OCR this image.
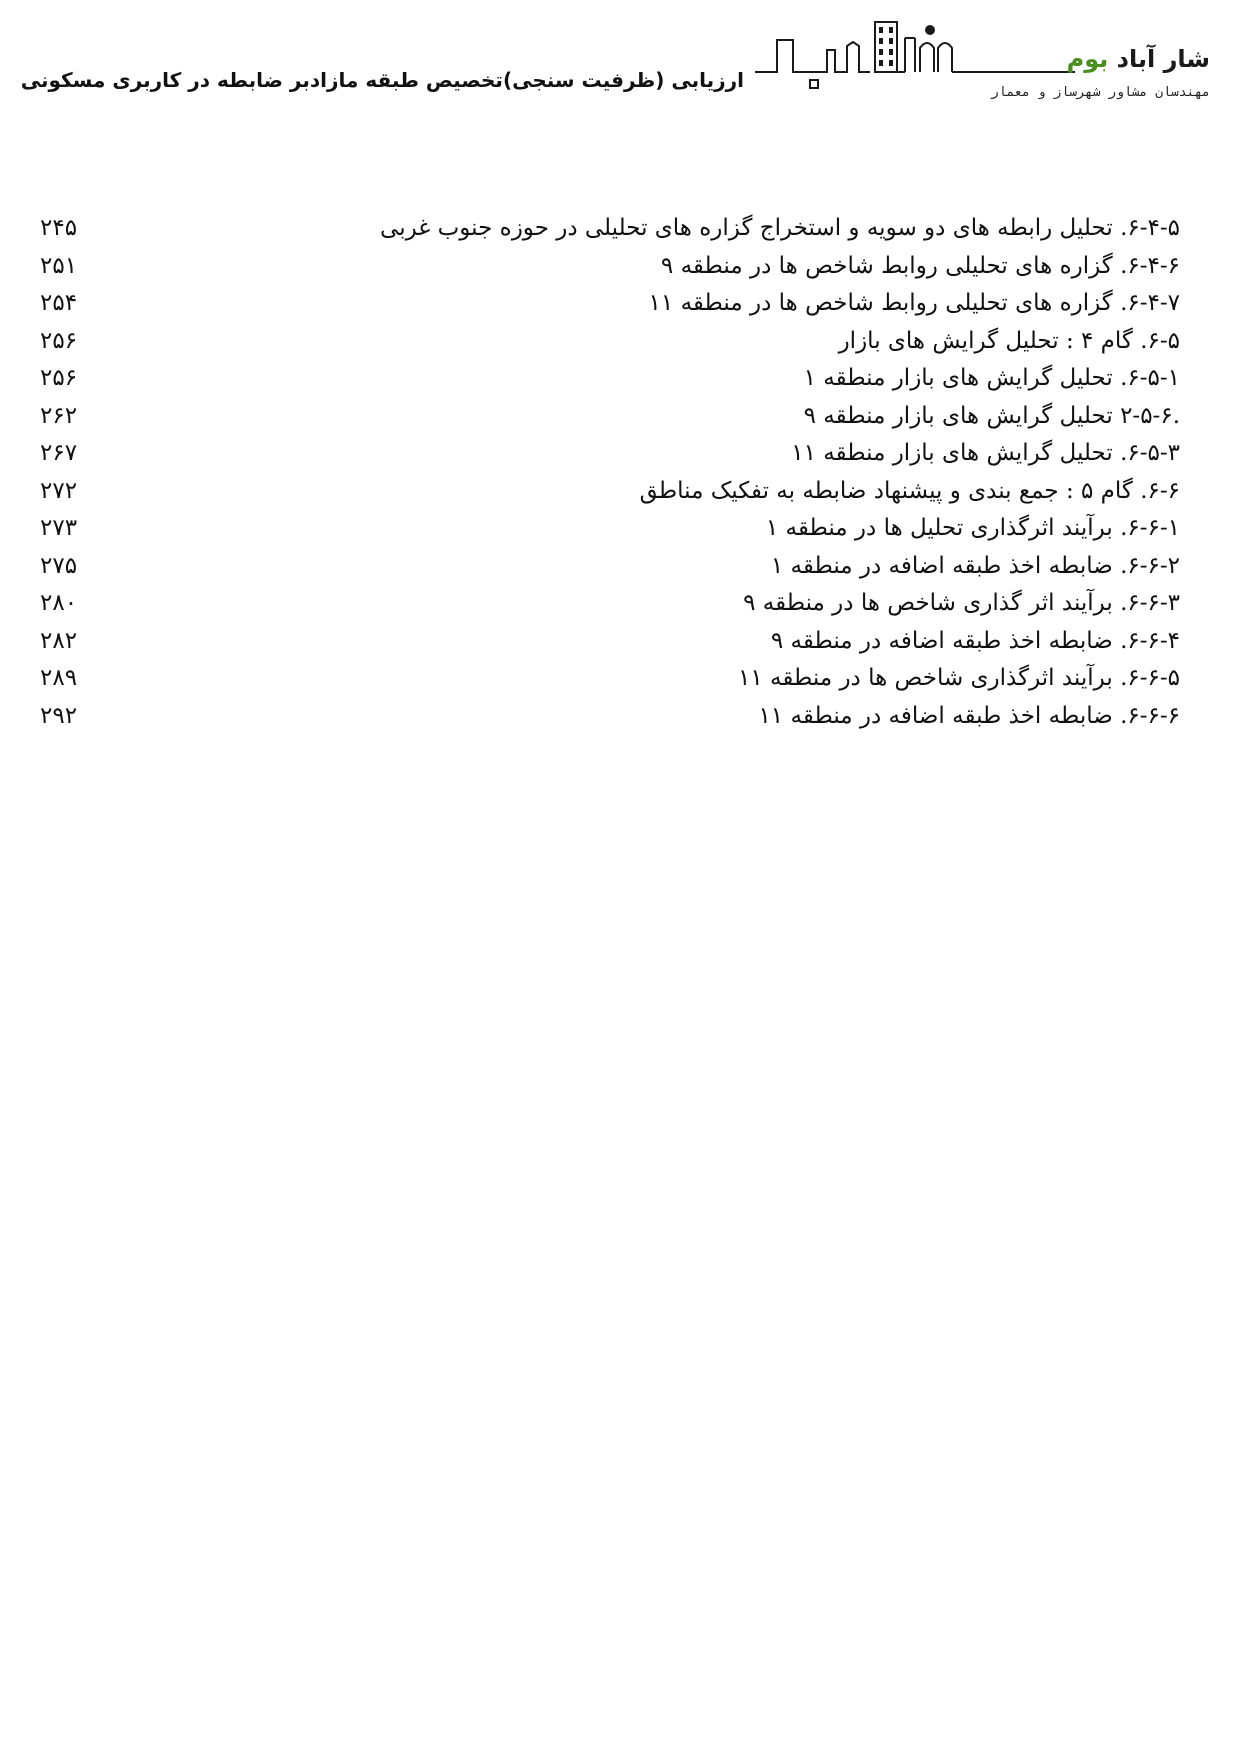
ارزیابی (ظرفیت سنجی)تخصیص طبقه مازادبر ضابطه در کاربری مسکونی
شار آباد بوم
مهندسان مشاور شهرساز و معمار
۶-۴-۵. تحلیل رابطه های دو سویه و استخراج گزاره های تحلیلی در حوزه جنوب غربی
۲۴۵
۶-۴-۶. گزاره های تحلیلی روابط شاخص ها در منطقه ۹
۲۵۱
۶-۴-۷. گزاره های تحلیلی روابط شاخص ها در منطقه ۱۱
۲۵۴
۶-۵. گام ۴ : تحلیل گرایش های بازار
۲۵۶
۶-۵-۱. تحلیل گرایش های بازار منطقه ۱
۲۵۶
.۲-۵-۶ تحلیل گرایش های بازار منطقه ۹
۲۶۲
۶-۵-۳. تحلیل گرایش های بازار منطقه ۱۱
۲۶۷
۶-۶. گام ۵ : جمع بندی و پیشنهاد ضابطه به تفکیک مناطق
۲۷۲
۶-۶-۱. برآیند اثرگذاری تحلیل ها در منطقه ۱
۲۷۳
۶-۶-۲. ضابطه اخذ طبقه اضافه در منطقه ۱
۲۷۵
۶-۶-۳. برآیند اثر گذاری شاخص ها در منطقه ۹
۲۸۰
۶-۶-۴. ضابطه اخذ طبقه اضافه در منطقه ۹
۲۸۲
۶-۶-۵. برآیند اثرگذاری شاخص ها در منطقه ۱۱
۲۸۹
۶-۶-۶. ضابطه اخذ طبقه اضافه در منطقه ۱۱
۲۹۲
